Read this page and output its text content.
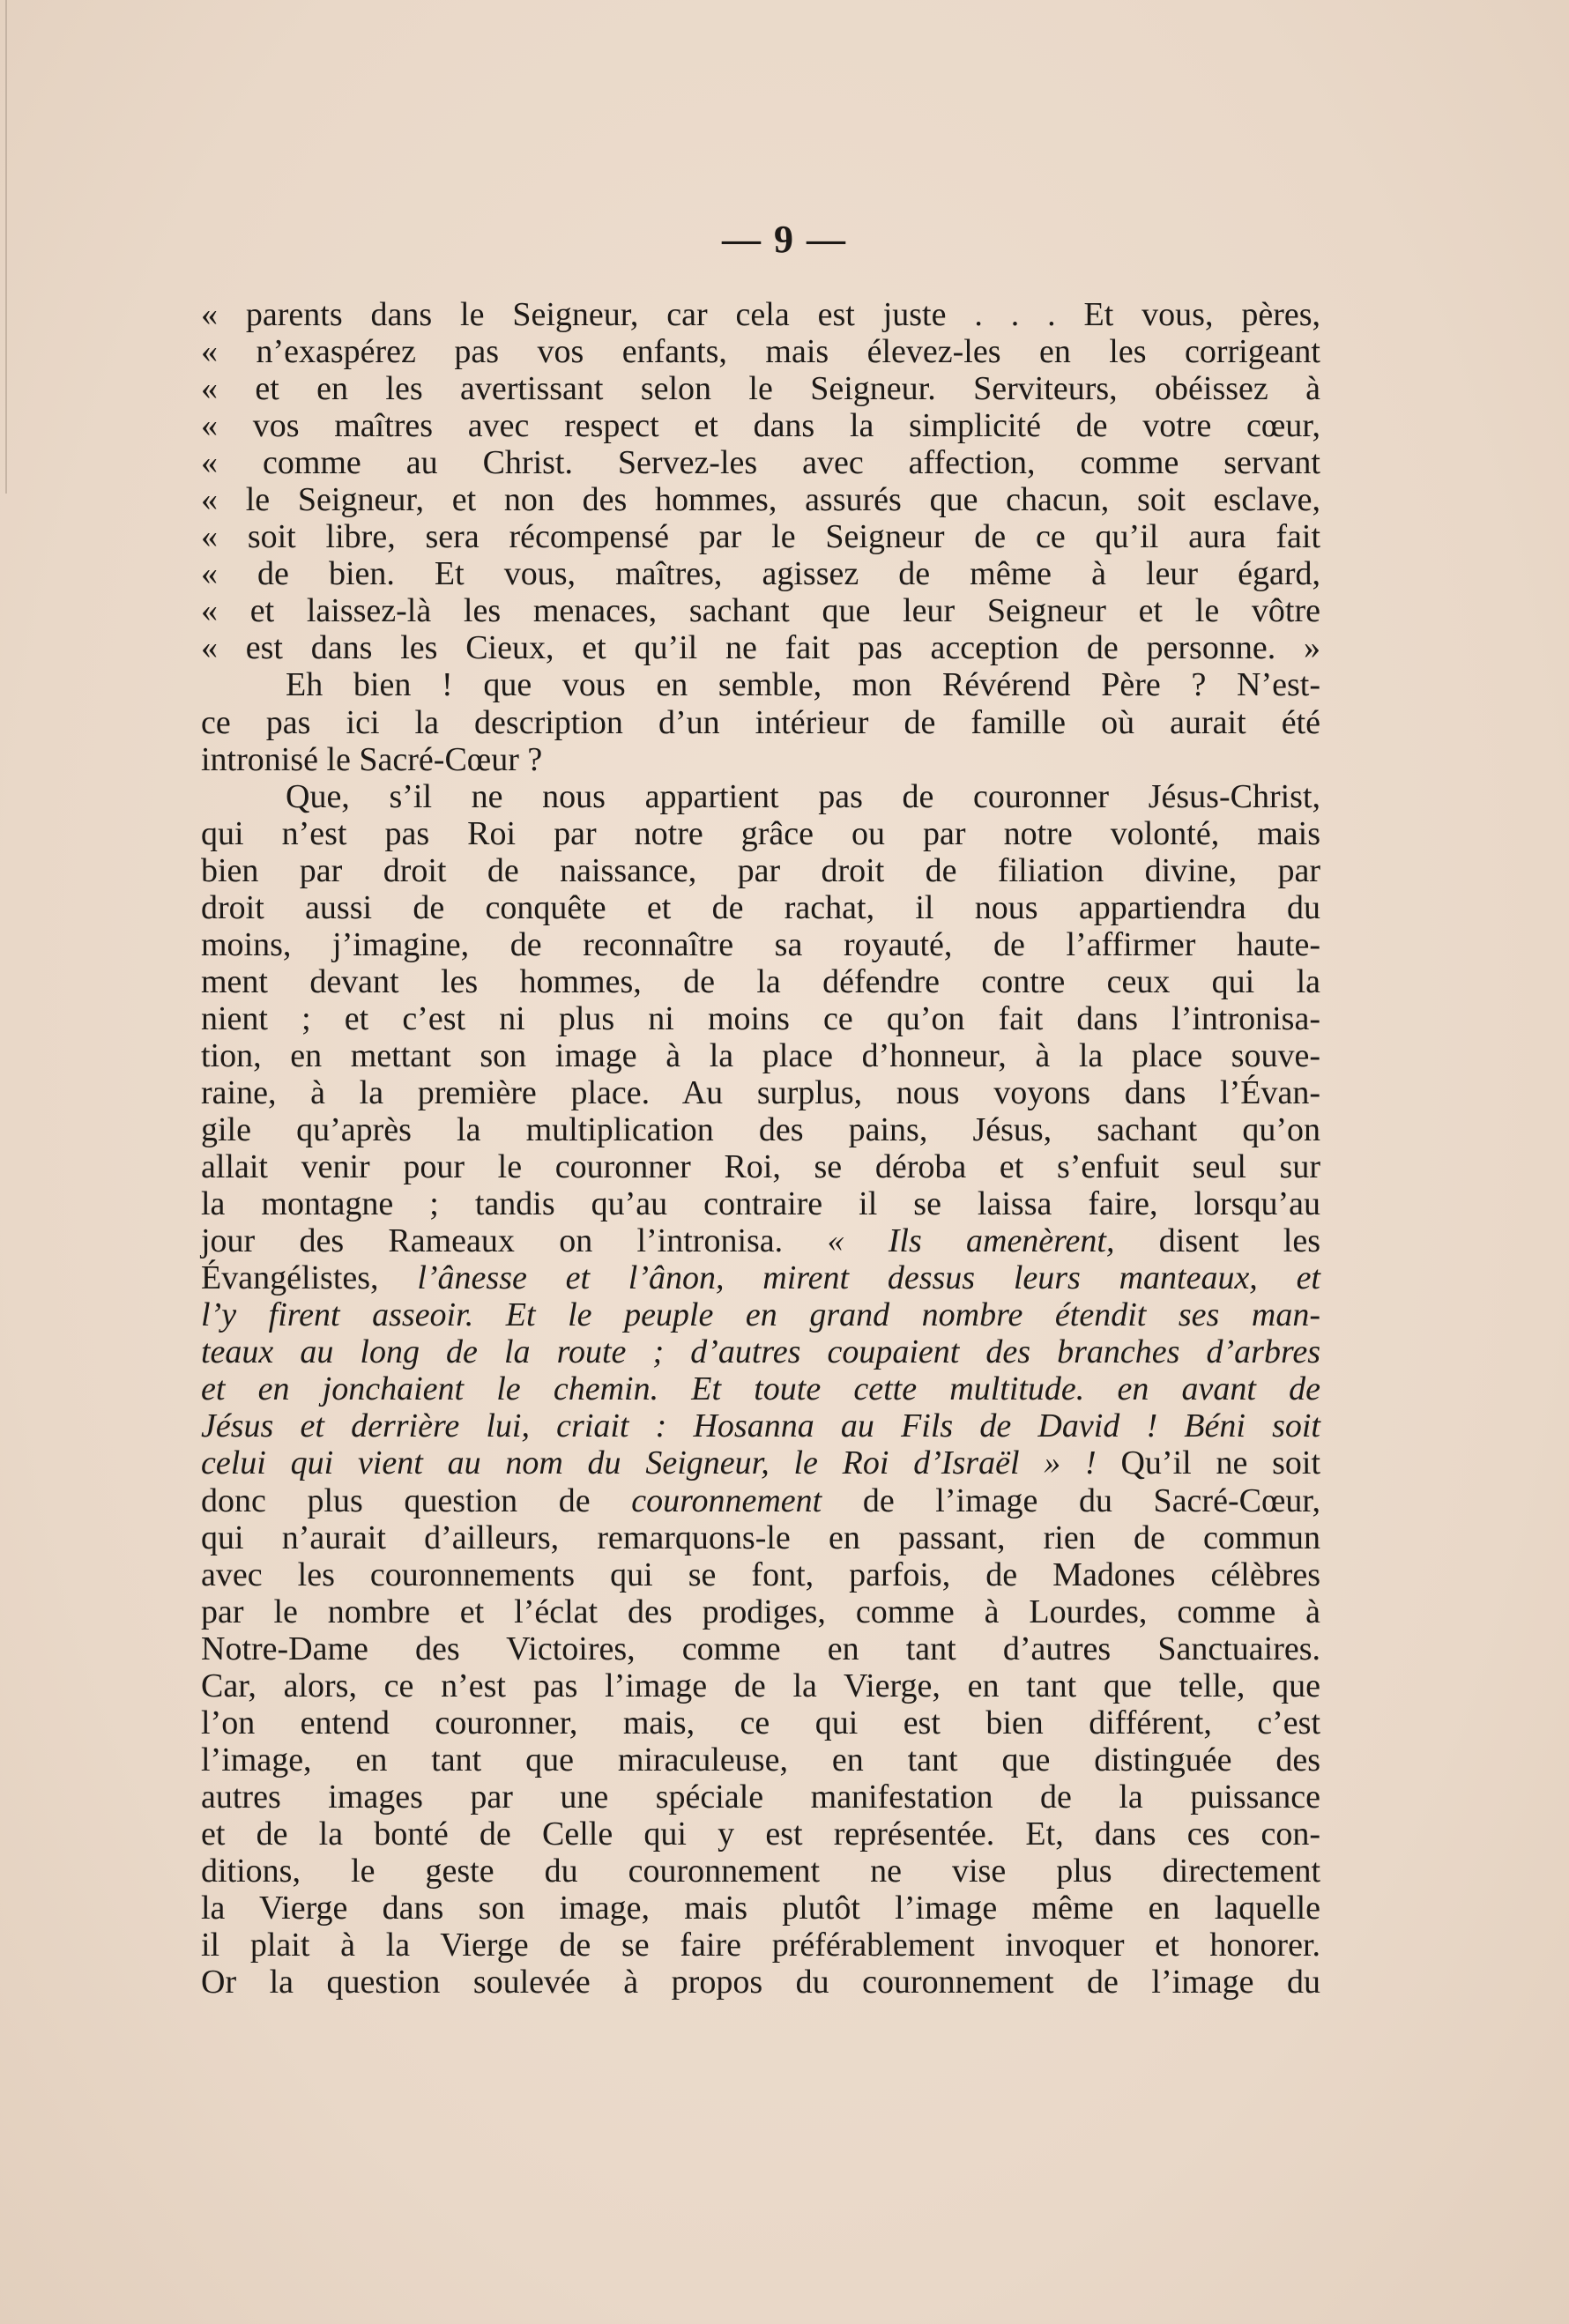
— 9 —
« parents dans le Seigneur, car cela est juste . . . Et vous, pères,
« n’exaspérez pas vos enfants, mais élevez-les en les corrigeant
« et en les avertissant selon le Seigneur. Serviteurs, obéissez à
« vos maîtres avec respect et dans la simplicité de votre cœur,
« comme au Christ. Servez-les avec affection, comme servant
« le Seigneur, et non des hommes, assurés que chacun, soit esclave,
« soit libre, sera récompensé par le Seigneur de ce qu’il aura fait
« de bien. Et vous, maîtres, agissez de même à leur égard,
« et laissez-là les menaces, sachant que leur Seigneur et le vôtre
« est dans les Cieux, et qu’il ne fait pas acception de personne. »
Eh bien ! que vous en semble, mon Révérend Père ? N’est-
ce pas ici la description d’un intérieur de famille où aurait été
intronisé le Sacré-Cœur ?
Que, s’il ne nous appartient pas de couronner Jésus-Christ,
qui n’est pas Roi par notre grâce ou par notre volonté, mais
bien par droit de naissance, par droit de filiation divine, par
droit aussi de conquête et de rachat, il nous appartiendra du
moins, j’imagine, de reconnaître sa royauté, de l’affirmer haute-
ment devant les hommes, de la défendre contre ceux qui la
nient ; et c’est ni plus ni moins ce qu’on fait dans l’intronisa-
tion, en mettant son image à la place d’honneur, à la place souve-
raine, à la première place. Au surplus, nous voyons dans l’Évan-
gile qu’après la multiplication des pains, Jésus, sachant qu’on
allait venir pour le couronner Roi, se déroba et s’enfuit seul sur
la montagne ; tandis qu’au contraire il se laissa faire, lorsqu’au
jour des Rameaux on l’intronisa. « Ils amenèrent, disent les
Évangélistes, l’ânesse et l’ânon, mirent dessus leurs manteaux, et
l’y firent asseoir. Et le peuple en grand nombre étendit ses man-
teaux au long de la route ; d’autres coupaient des branches d’arbres
et en jonchaient le chemin. Et toute cette multitude. en avant de
Jésus et derrière lui, criait : Hosanna au Fils de David ! Béni soit
celui qui vient au nom du Seigneur, le Roi d’Israël » ! Qu’il ne soit
donc plus question de couronnement de l’image du Sacré-Cœur,
qui n’aurait d’ailleurs, remarquons-le en passant, rien de commun
avec les couronnements qui se font, parfois, de Madones célèbres
par le nombre et l’éclat des prodiges, comme à Lourdes, comme à
Notre-Dame des Victoires, comme en tant d’autres Sanctuaires.
Car, alors, ce n’est pas l’image de la Vierge, en tant que telle, que
l’on entend couronner, mais, ce qui est bien différent, c’est
l’image, en tant que miraculeuse, en tant que distinguée des
autres images par une spéciale manifestation de la puissance
et de la bonté de Celle qui y est représentée. Et, dans ces con-
ditions, le geste du couronnement ne vise plus directement
la Vierge dans son image, mais plutôt l’image même en laquelle
il plait à la Vierge de se faire préférablement invoquer et honorer.
Or la question soulevée à propos du couronnement de l’image du
